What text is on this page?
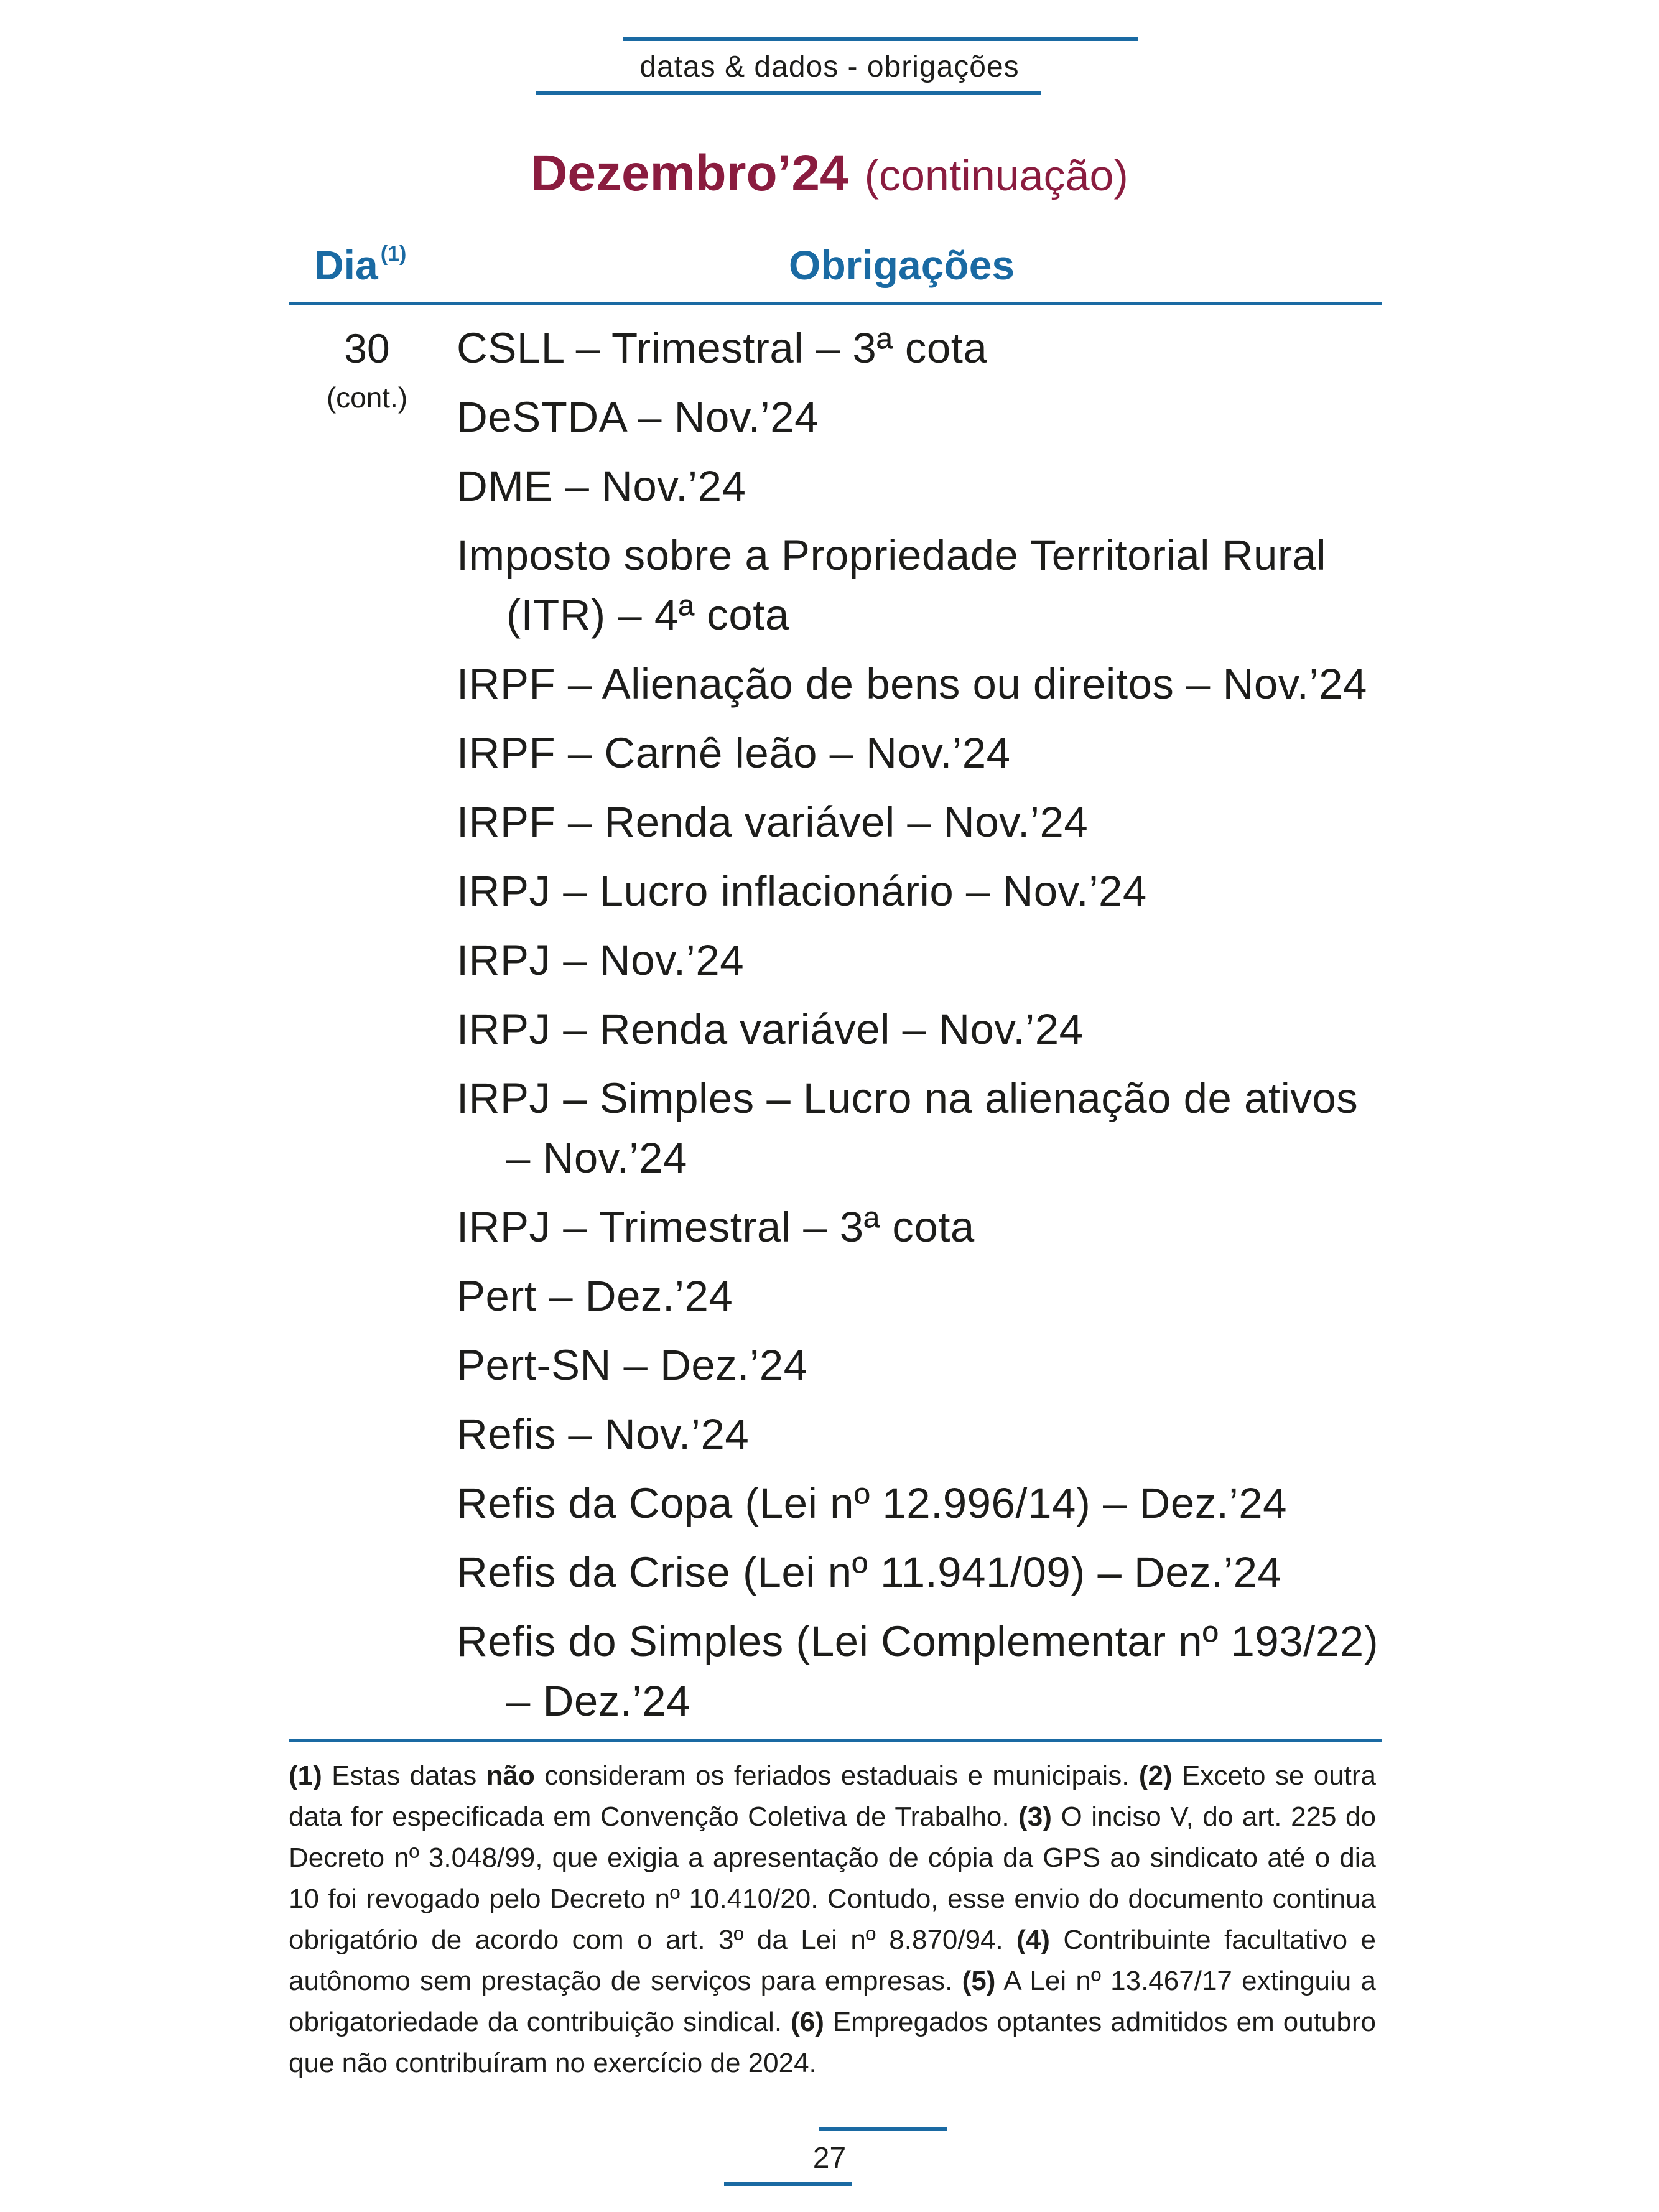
datas & dados - obrigações
Dezembro’24 (continuação)
Dia $^{(1)}$	Obrigações
30
(cont.)
CSLL – Trimestral – 3ª cota
DeSTDA – Nov.’24
DME – Nov.’24
Imposto sobre a Propriedade Territorial Rural (ITR) – 4ª cota
IRPF – Alienação de bens ou direitos – Nov.’24
IRPF – Carnê leão – Nov.’24
IRPF – Renda variável – Nov.’24
IRPJ – Lucro inflacionário – Nov.’24
IRPJ – Nov.’24
IRPJ – Renda variável – Nov.’24
IRPJ – Simples – Lucro na alienação de ativos – Nov.’24
IRPJ – Trimestral – 3ª cota
Pert – Dez.’24
Pert-SN – Dez.’24
Refis – Nov.’24
Refis da Copa (Lei nº 12.996/14) – Dez.’24
Refis da Crise (Lei nº 11.941/09) – Dez.’24
Refis do Simples (Lei Complementar nº 193/22) – Dez.’24
(1) Estas datas não consideram os feriados estaduais e municipais. (2) Exceto se outra data for especificada em Convenção Coletiva de Trabalho. (3) O inciso V, do art. 225 do Decreto nº 3.048/99, que exigia a apresentação de cópia da GPS ao sindicato até o dia 10 foi revogado pelo Decreto nº 10.410/20. Contudo, esse envio do documento continua obrigatório de acordo com o art. 3º da Lei nº 8.870/94. (4) Contribuinte facultativo e autônomo sem prestação de serviços para empresas. (5) A Lei nº 13.467/17 extinguiu a obrigatoriedade da contribuição sindical. (6) Empregados optantes admitidos em outubro que não contribuíram no exercício de 2024.
27
